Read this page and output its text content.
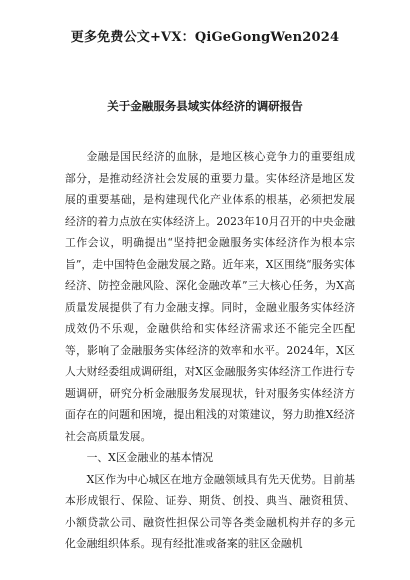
更多免费公文+VX：QiGeGongWen2024
关于金融服务县域实体经济的调研报告

金融是国民经济的血脉，是地区核心竞争力的重要组成部分，是推动经济社会发展的重要力量。实体经济是地区发展的重要基础，是构建现代化产业体系的根基，必须把发展经济的着力点放在实体经济上。2023年10月召开的中央金融工作会议，明确提出“坚持把金融服务实体经济作为根本宗旨”，走中国特色金融发展之路。近年来，X区围绕“服务实体经济、防控金融风险、深化金融改革”三大核心任务，为X高质量发展提供了有力金融支撑。同时，金融业服务实体经济成效仍不乐观，金融供给和实体经济需求还不能完全匹配等，影响了金融服务实体经济的效率和水平。2024年，X区人大财经委组成调研组，对X区金融服务实体经济工作进行专题调研，研究分析金融服务发展现状，针对服务实体经济方面存在的问题和困境，提出粗浅的对策建议，努力助推X经济社会高质量发展。

一、X区金融业的基本情况

X区作为中心城区在地方金融领域具有先天优势。目前基本形成银行、保险、证券、期货、创投、典当、融资租赁、小额贷款公司、融资性担保公司等各类金融机构并存的多元化金融组织体系。现有经批准或备案的驻区金融机
